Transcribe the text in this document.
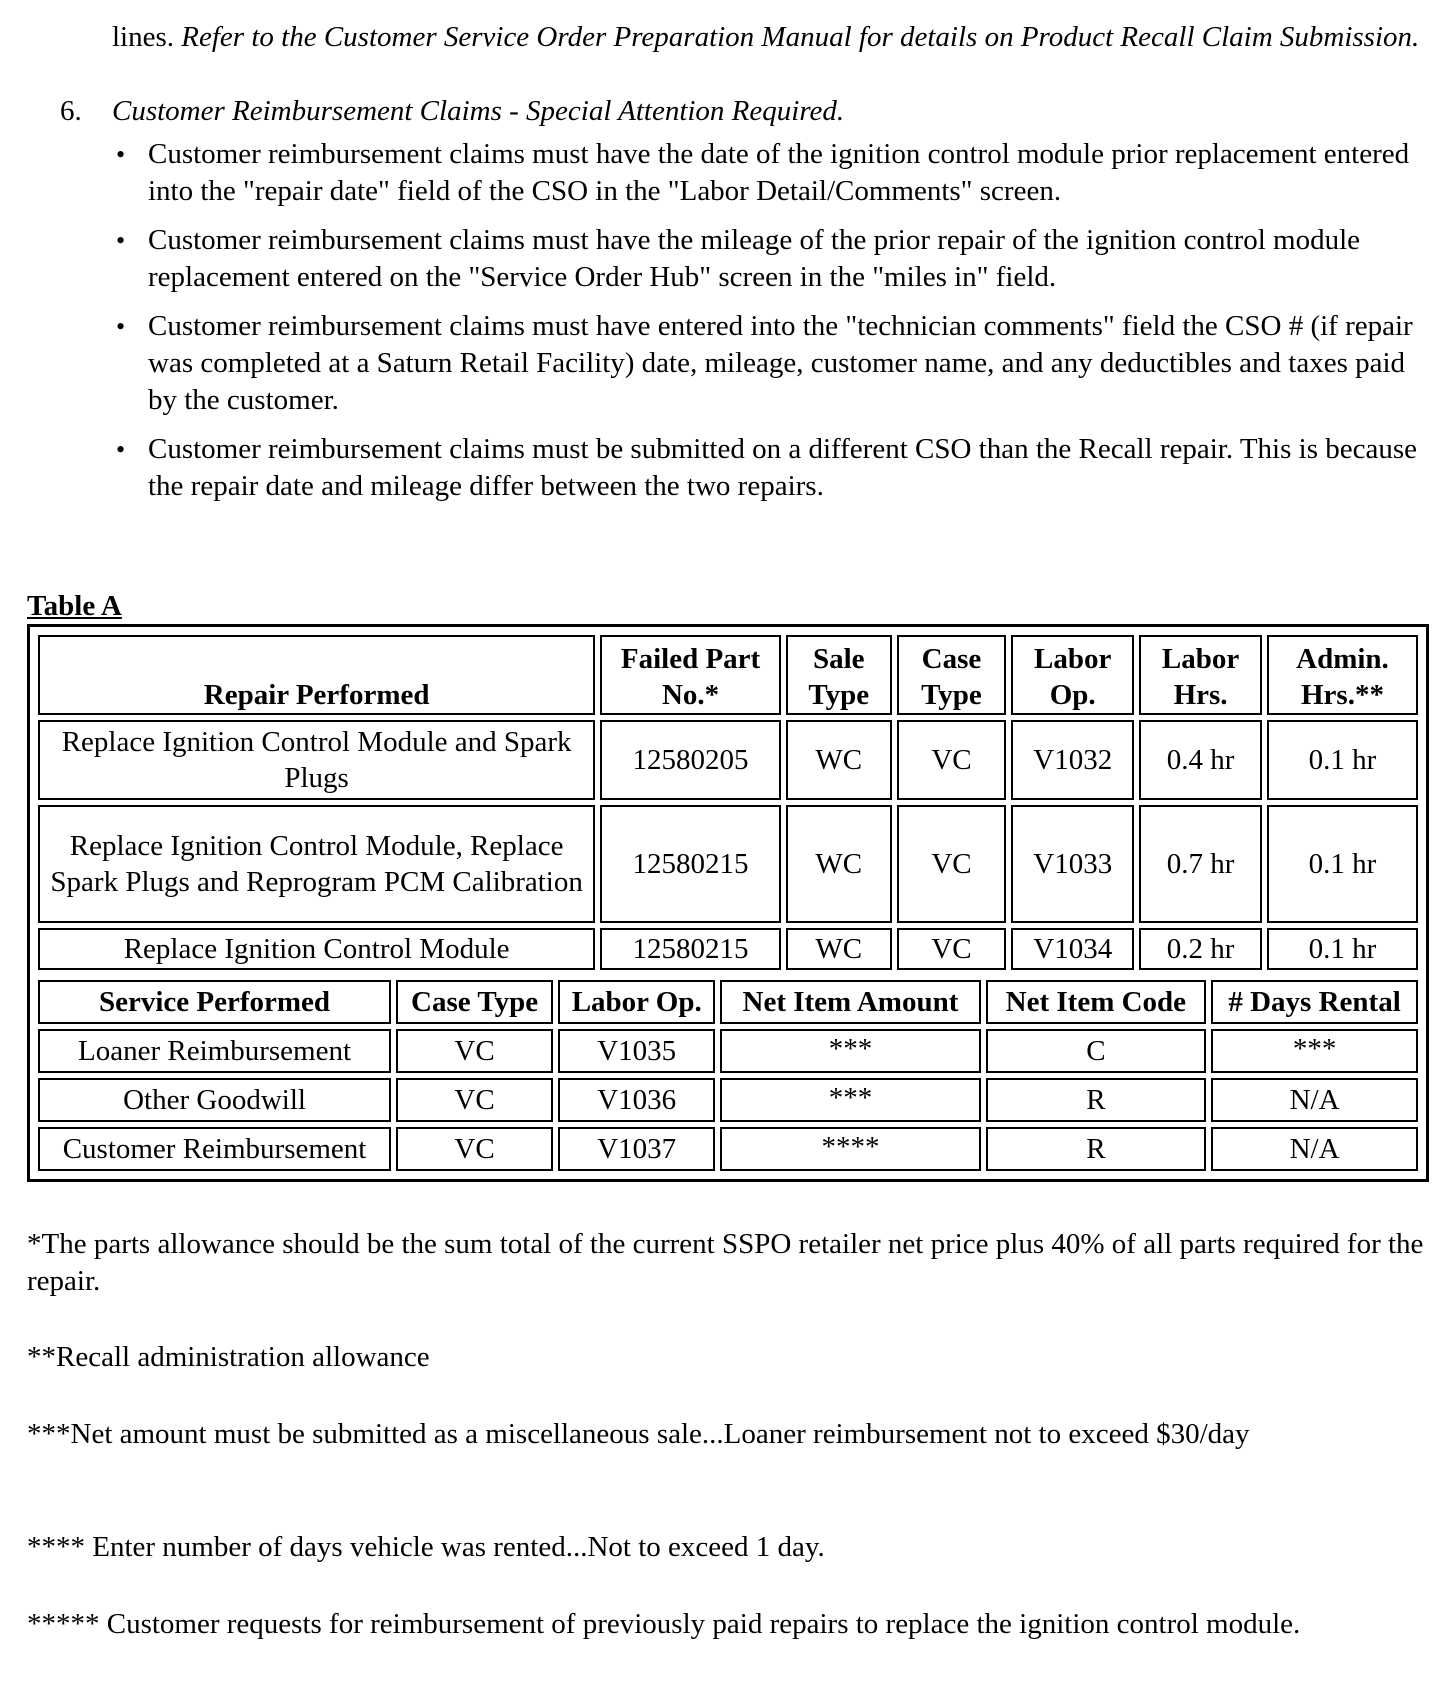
lines. Refer to the Customer Service Order Preparation Manual for details on Product Recall Claim Submission.
6. Customer Reimbursement Claims - Special Attention Required.
• Customer reimbursement claims must have the date of the ignition control module prior replacement entered into the "repair date" field of the CSO in the "Labor Detail/Comments" screen.
• Customer reimbursement claims must have the mileage of the prior repair of the ignition control module replacement entered on the "Service Order Hub" screen in the "miles in" field.
• Customer reimbursement claims must have entered into the "technician comments" field the CSO # (if repair was completed at a Saturn Retail Facility) date, mileage, customer name, and any deductibles and taxes paid by the customer.
• Customer reimbursement claims must be submitted on a different CSO than the Recall repair. This is because the repair date and mileage differ between the two repairs.
Table A
Repair Performed	Failed Part No.*	Sale Type	Case Type	Labor Op.	Labor Hrs.	Admin. Hrs.**
Replace Ignition Control Module and Spark Plugs	12580205	WC	VC	V1032	0.4 hr	0.1 hr
Replace Ignition Control Module, Replace Spark Plugs and Reprogram PCM Calibration	12580215	WC	VC	V1033	0.7 hr	0.1 hr
Replace Ignition Control Module	12580215	WC	VC	V1034	0.2 hr	0.1 hr
Service Performed	Case Type	Labor Op.	Net Item Amount	Net Item Code	# Days Rental
Loaner Reimbursement	VC	V1035	***	C	***
Other Goodwill	VC	V1036	***	R	N/A
Customer Reimbursement	VC	V1037	****	R	N/A
*The parts allowance should be the sum total of the current SSPO retailer net price plus 40% of all parts required for the repair.
**Recall administration allowance
***Net amount must be submitted as a miscellaneous sale...Loaner reimbursement not to exceed $30/day
**** Enter number of days vehicle was rented...Not to exceed 1 day.
***** Customer requests for reimbursement of previously paid repairs to replace the ignition control module.
